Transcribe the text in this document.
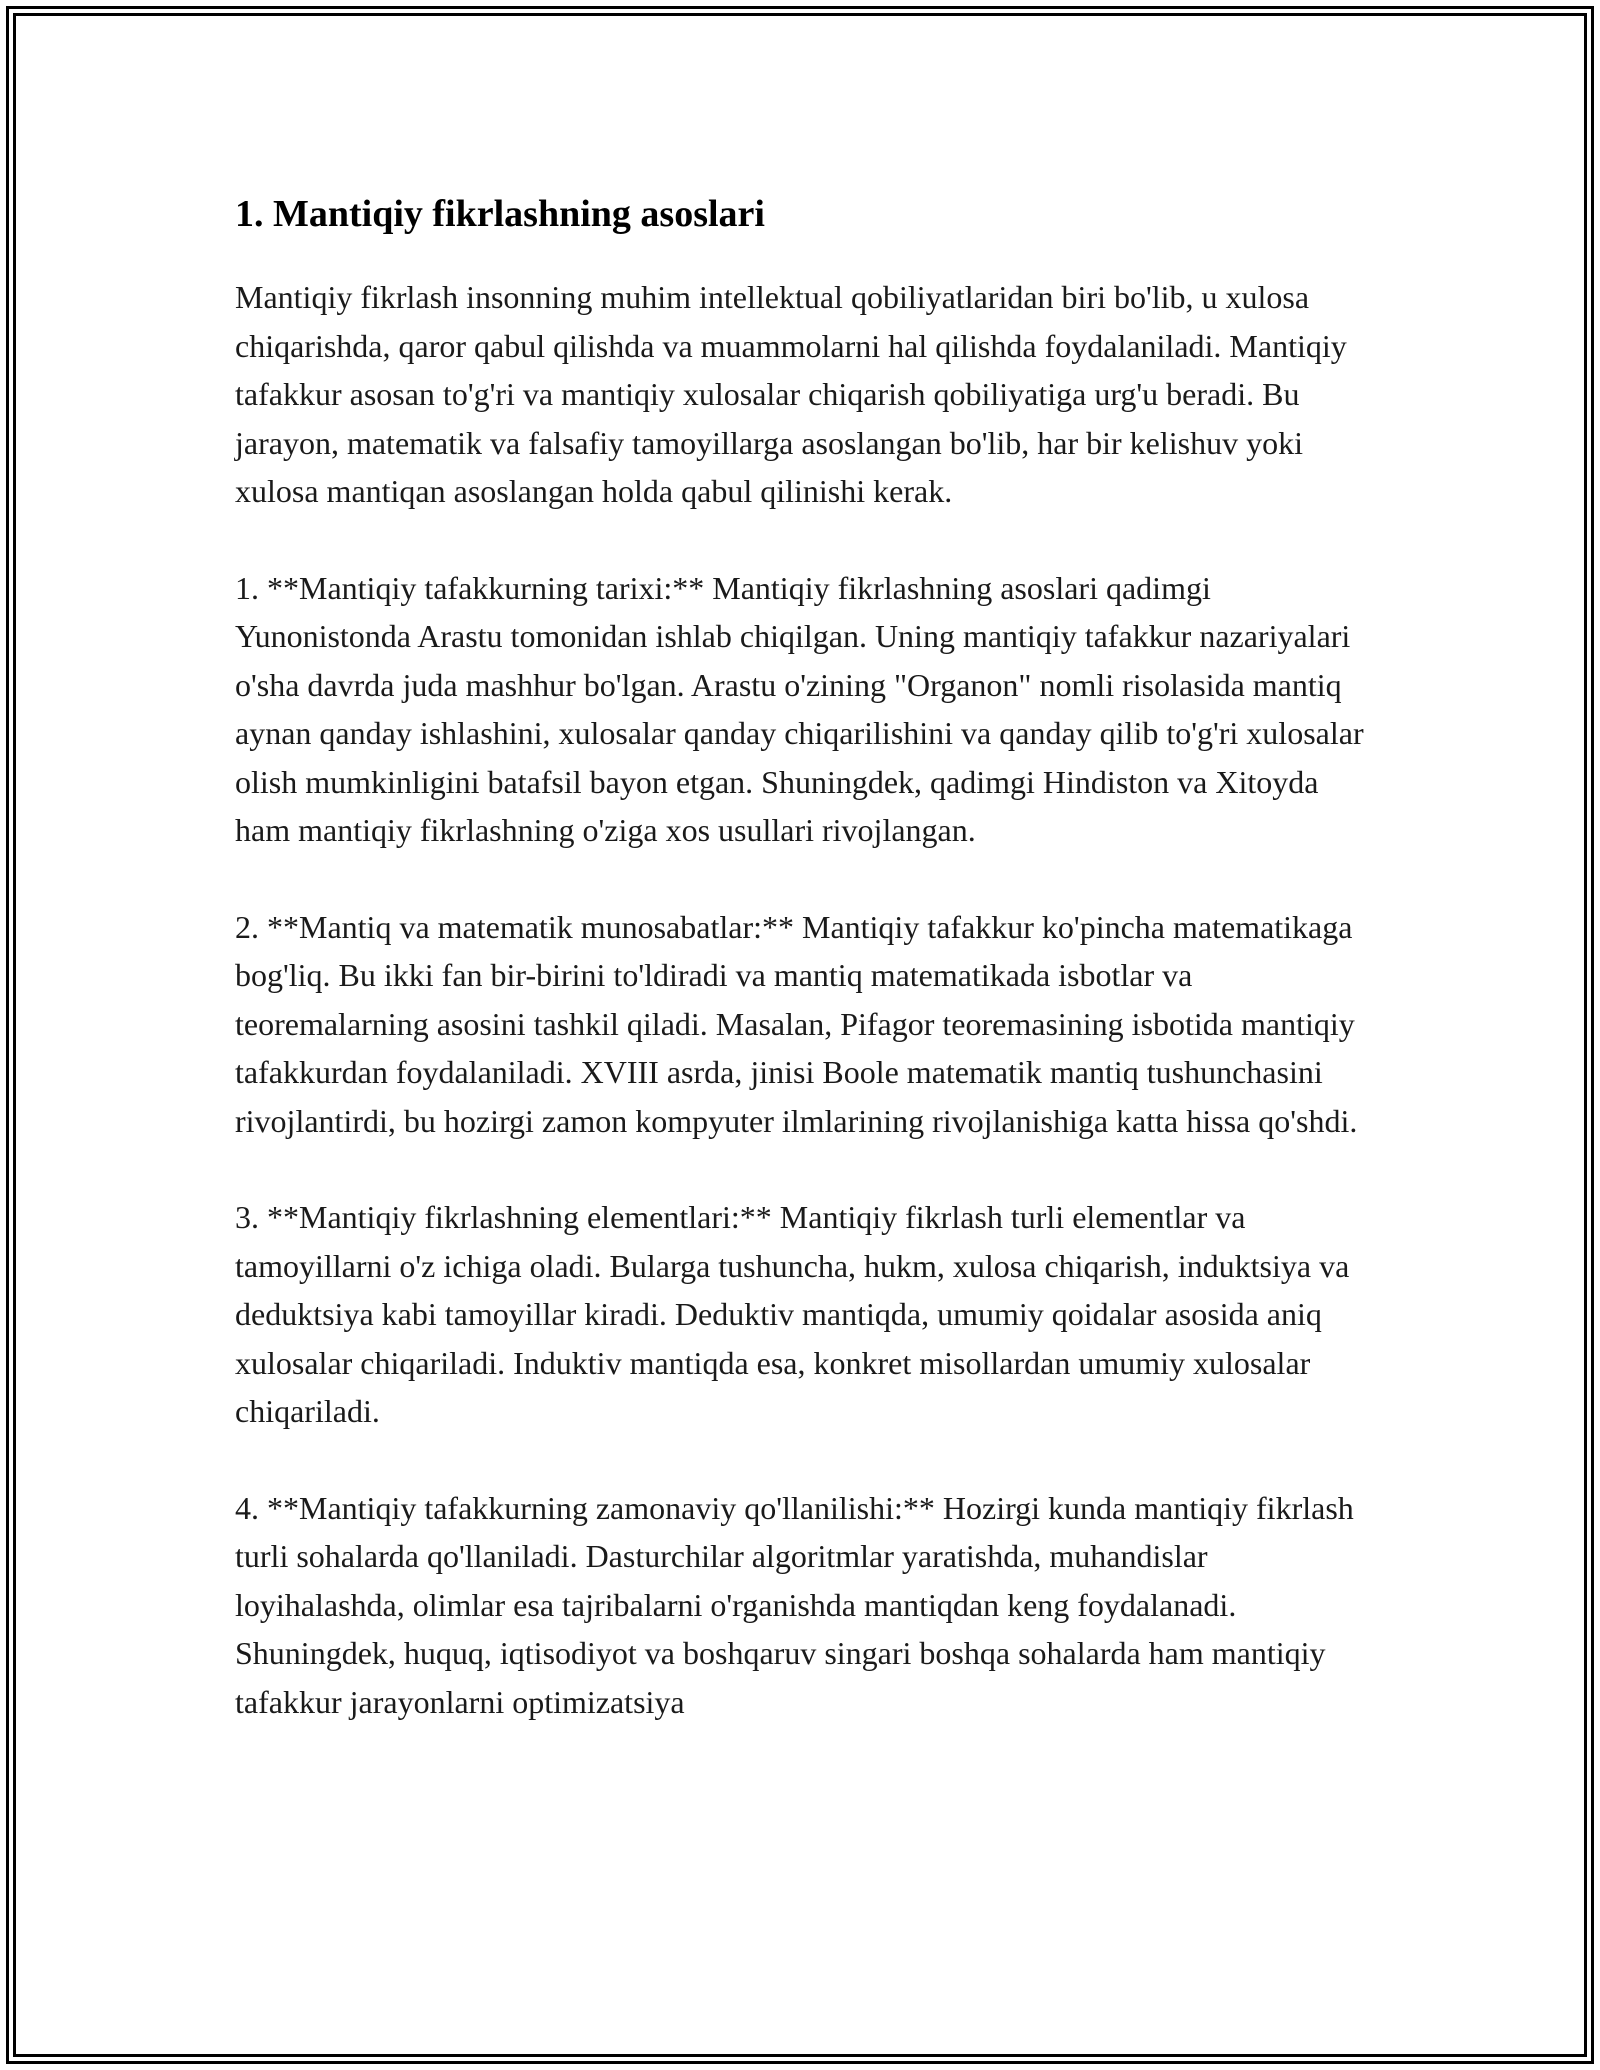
1. Mantiqiy fikrlashning asoslari

Mantiqiy fikrlash insonning muhim intellektual qobiliyatlaridan biri bo'lib, u xulosa chiqarishda, qaror qabul qilishda va muammolarni hal qilishda foydalaniladi. Mantiqiy tafakkur asosan to'g'ri va mantiqiy xulosalar chiqarish qobiliyatiga urg'u beradi. Bu jarayon, matematik va falsafiy tamoyillarga asoslangan bo'lib, har bir kelishuv yoki xulosa mantiqan asoslangan holda qabul qilinishi kerak.

1. **Mantiqiy tafakkurning tarixi:** Mantiqiy fikrlashning asoslari qadimgi Yunonistonda Arastu tomonidan ishlab chiqilgan. Uning mantiqiy tafakkur nazariyalari o'sha davrda juda mashhur bo'lgan. Arastu o'zining "Organon" nomli risolasida mantiq aynan qanday ishlashini, xulosalar qanday chiqarilishini va qanday qilib to'g'ri xulosalar olish mumkinligini batafsil bayon etgan. Shuningdek, qadimgi Hindiston va Xitoyda ham mantiqiy fikrlashning o'ziga xos usullari rivojlangan.

2. **Mantiq va matematik munosabatlar:** Mantiqiy tafakkur ko'pincha matematikaga bog'liq. Bu ikki fan bir-birini to'ldiradi va mantiq matematikada isbotlar va teoremalarning asosini tashkil qiladi. Masalan, Pifagor teoremasining isbotida mantiqiy tafakkurdan foydalaniladi. XVIII asrda, jinisi Boole matematik mantiq tushunchasini rivojlantirdi, bu hozirgi zamon kompyuter ilmlarining rivojlanishiga katta hissa qo'shdi.

3. **Mantiqiy fikrlashning elementlari:** Mantiqiy fikrlash turli elementlar va tamoyillarni o'z ichiga oladi. Bularga tushuncha, hukm, xulosa chiqarish, induktsiya va deduktsiya kabi tamoyillar kiradi. Deduktiv mantiqda, umumiy qoidalar asosida aniq xulosalar chiqariladi. Induktiv mantiqda esa, konkret misollardan umumiy xulosalar chiqariladi.

4. **Mantiqiy tafakkurning zamonaviy qo'llanilishi:** Hozirgi kunda mantiqiy fikrlash turli sohalarda qo'llaniladi. Dasturchilar algoritmlar yaratishda, muhandislar loyihalashda, olimlar esa tajribalarni o'rganishda mantiqdan keng foydalanadi. Shuningdek, huquq, iqtisodiyot va boshqaruv singari boshqa sohalarda ham mantiqiy tafakkur jarayonlarni optimizatsiya
